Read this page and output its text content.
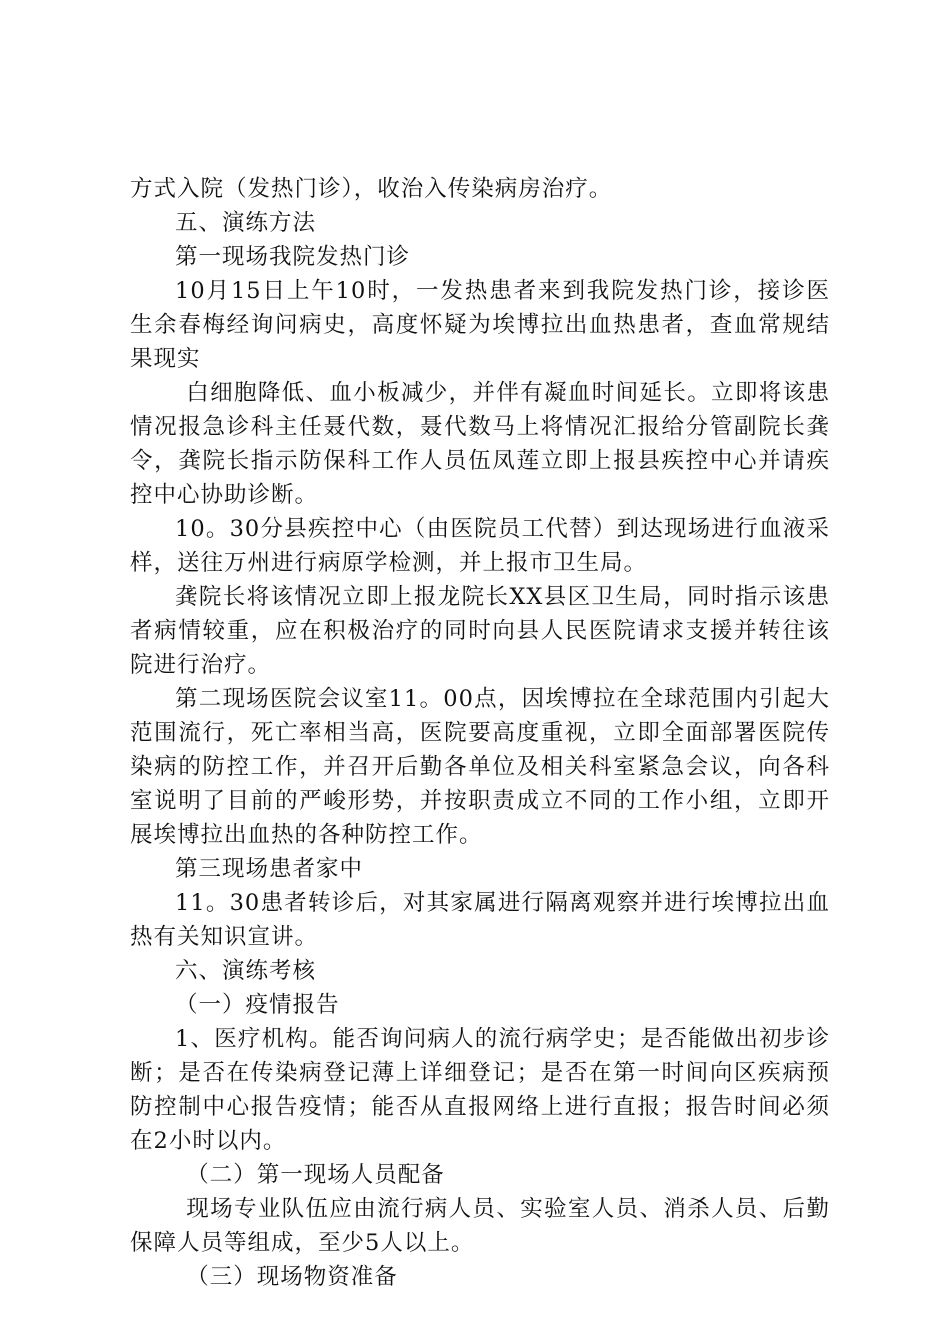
方式入院（发热门诊），收治入传染病房治疗。

五、演练方法

第一现场我院发热门诊

10月15日上午10时，一发热患者来到我院发热门诊，接诊医生余春梅经询问病史，高度怀疑为埃博拉出血热患者，查血常规结果现实

白细胞降低、血小板减少，并伴有凝血时间延长。立即将该患情况报急诊科主任聂代数，聂代数马上将情况汇报给分管副院长龚令，龚院长指示防保科工作人员伍凤莲立即上报县疾控中心并请疾控中心协助诊断。

10。30分县疾控中心（由医院员工代替）到达现场进行血液采样，送往万州进行病原学检测，并上报市卫生局。

龚院长将该情况立即上报龙院长XX县区卫生局，同时指示该患者病情较重，应在积极治疗的同时向县人民医院请求支援并转往该院进行治疗。

第二现场医院会议室11。00点，因埃博拉在全球范围内引起大范围流行，死亡率相当高，医院要高度重视，立即全面部署医院传染病的防控工作，并召开后勤各单位及相关科室紧急会议，向各科室说明了目前的严峻形势，并按职责成立不同的工作小组，立即开展埃博拉出血热的各种防控工作。

第三现场患者家中

11。30患者转诊后，对其家属进行隔离观察并进行埃博拉出血热有关知识宣讲。

六、演练考核

（一）疫情报告

1、医疗机构。能否询问病人的流行病学史；是否能做出初步诊断；是否在传染病登记薄上详细登记；是否在第一时间向区疾病预防控制中心报告疫情；能否从直报网络上进行直报；报告时间必须在2小时以内。

（二）第一现场人员配备

现场专业队伍应由流行病人员、实验室人员、消杀人员、后勤保障人员等组成，至少5人以上。

（三）现场物资准备
